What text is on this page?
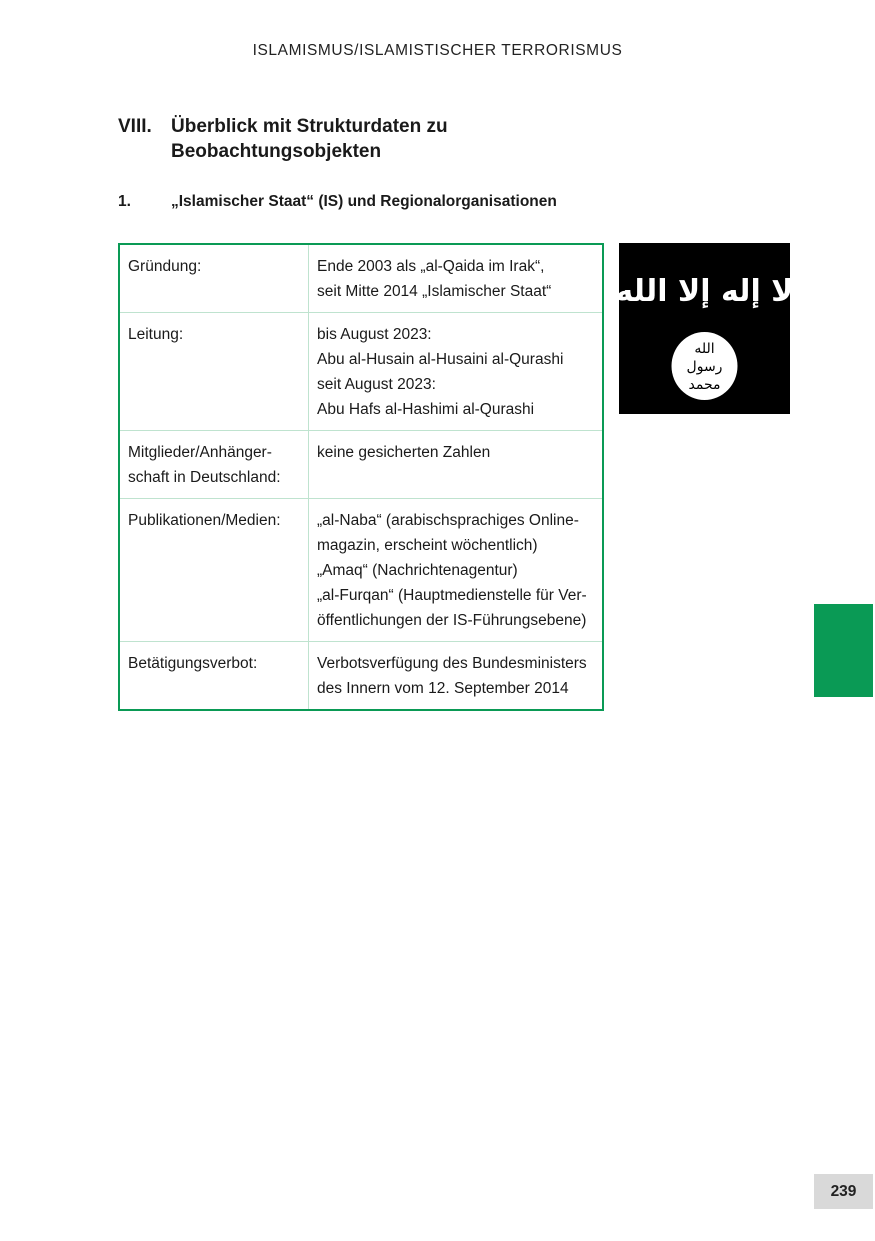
ISLAMISMUS/ISLAMISTISCHER TERRORISMUS
VIII. Überblick mit Strukturdaten zu
Beobachtungsobjekten
1.	„Islamischer Staat“ (IS) und Regionalorganisationen
Gründung:	Ende 2003 als „al-Qaida im Irak“,
seit Mitte 2014 „Islamischer Staat“

Leitung:	bis August 2023:
Abu al-Husain al-Husaini al-Qurashi
seit August 2023:
Abu Hafs al-Hashimi al-Qurashi

Mitglieder/Anhänger-
schaft in Deutschland:	keine gesicherten Zahlen

Publikationen/Medien:	„al-Naba“ (arabischsprachiges Online-
magazin, erscheint wöchentlich)
„Amaq“ (Nachrichtenagentur)
„al-Furqan“ (Hauptmedienstelle für Ver-
öffentlichungen der IS-Führungsebene)

Betätigungsverbot:	Verbotsverfügung des Bundesministers
des Innern vom 12. September 2014
لا إله إلا الله
الله
رسول
محمد
239
